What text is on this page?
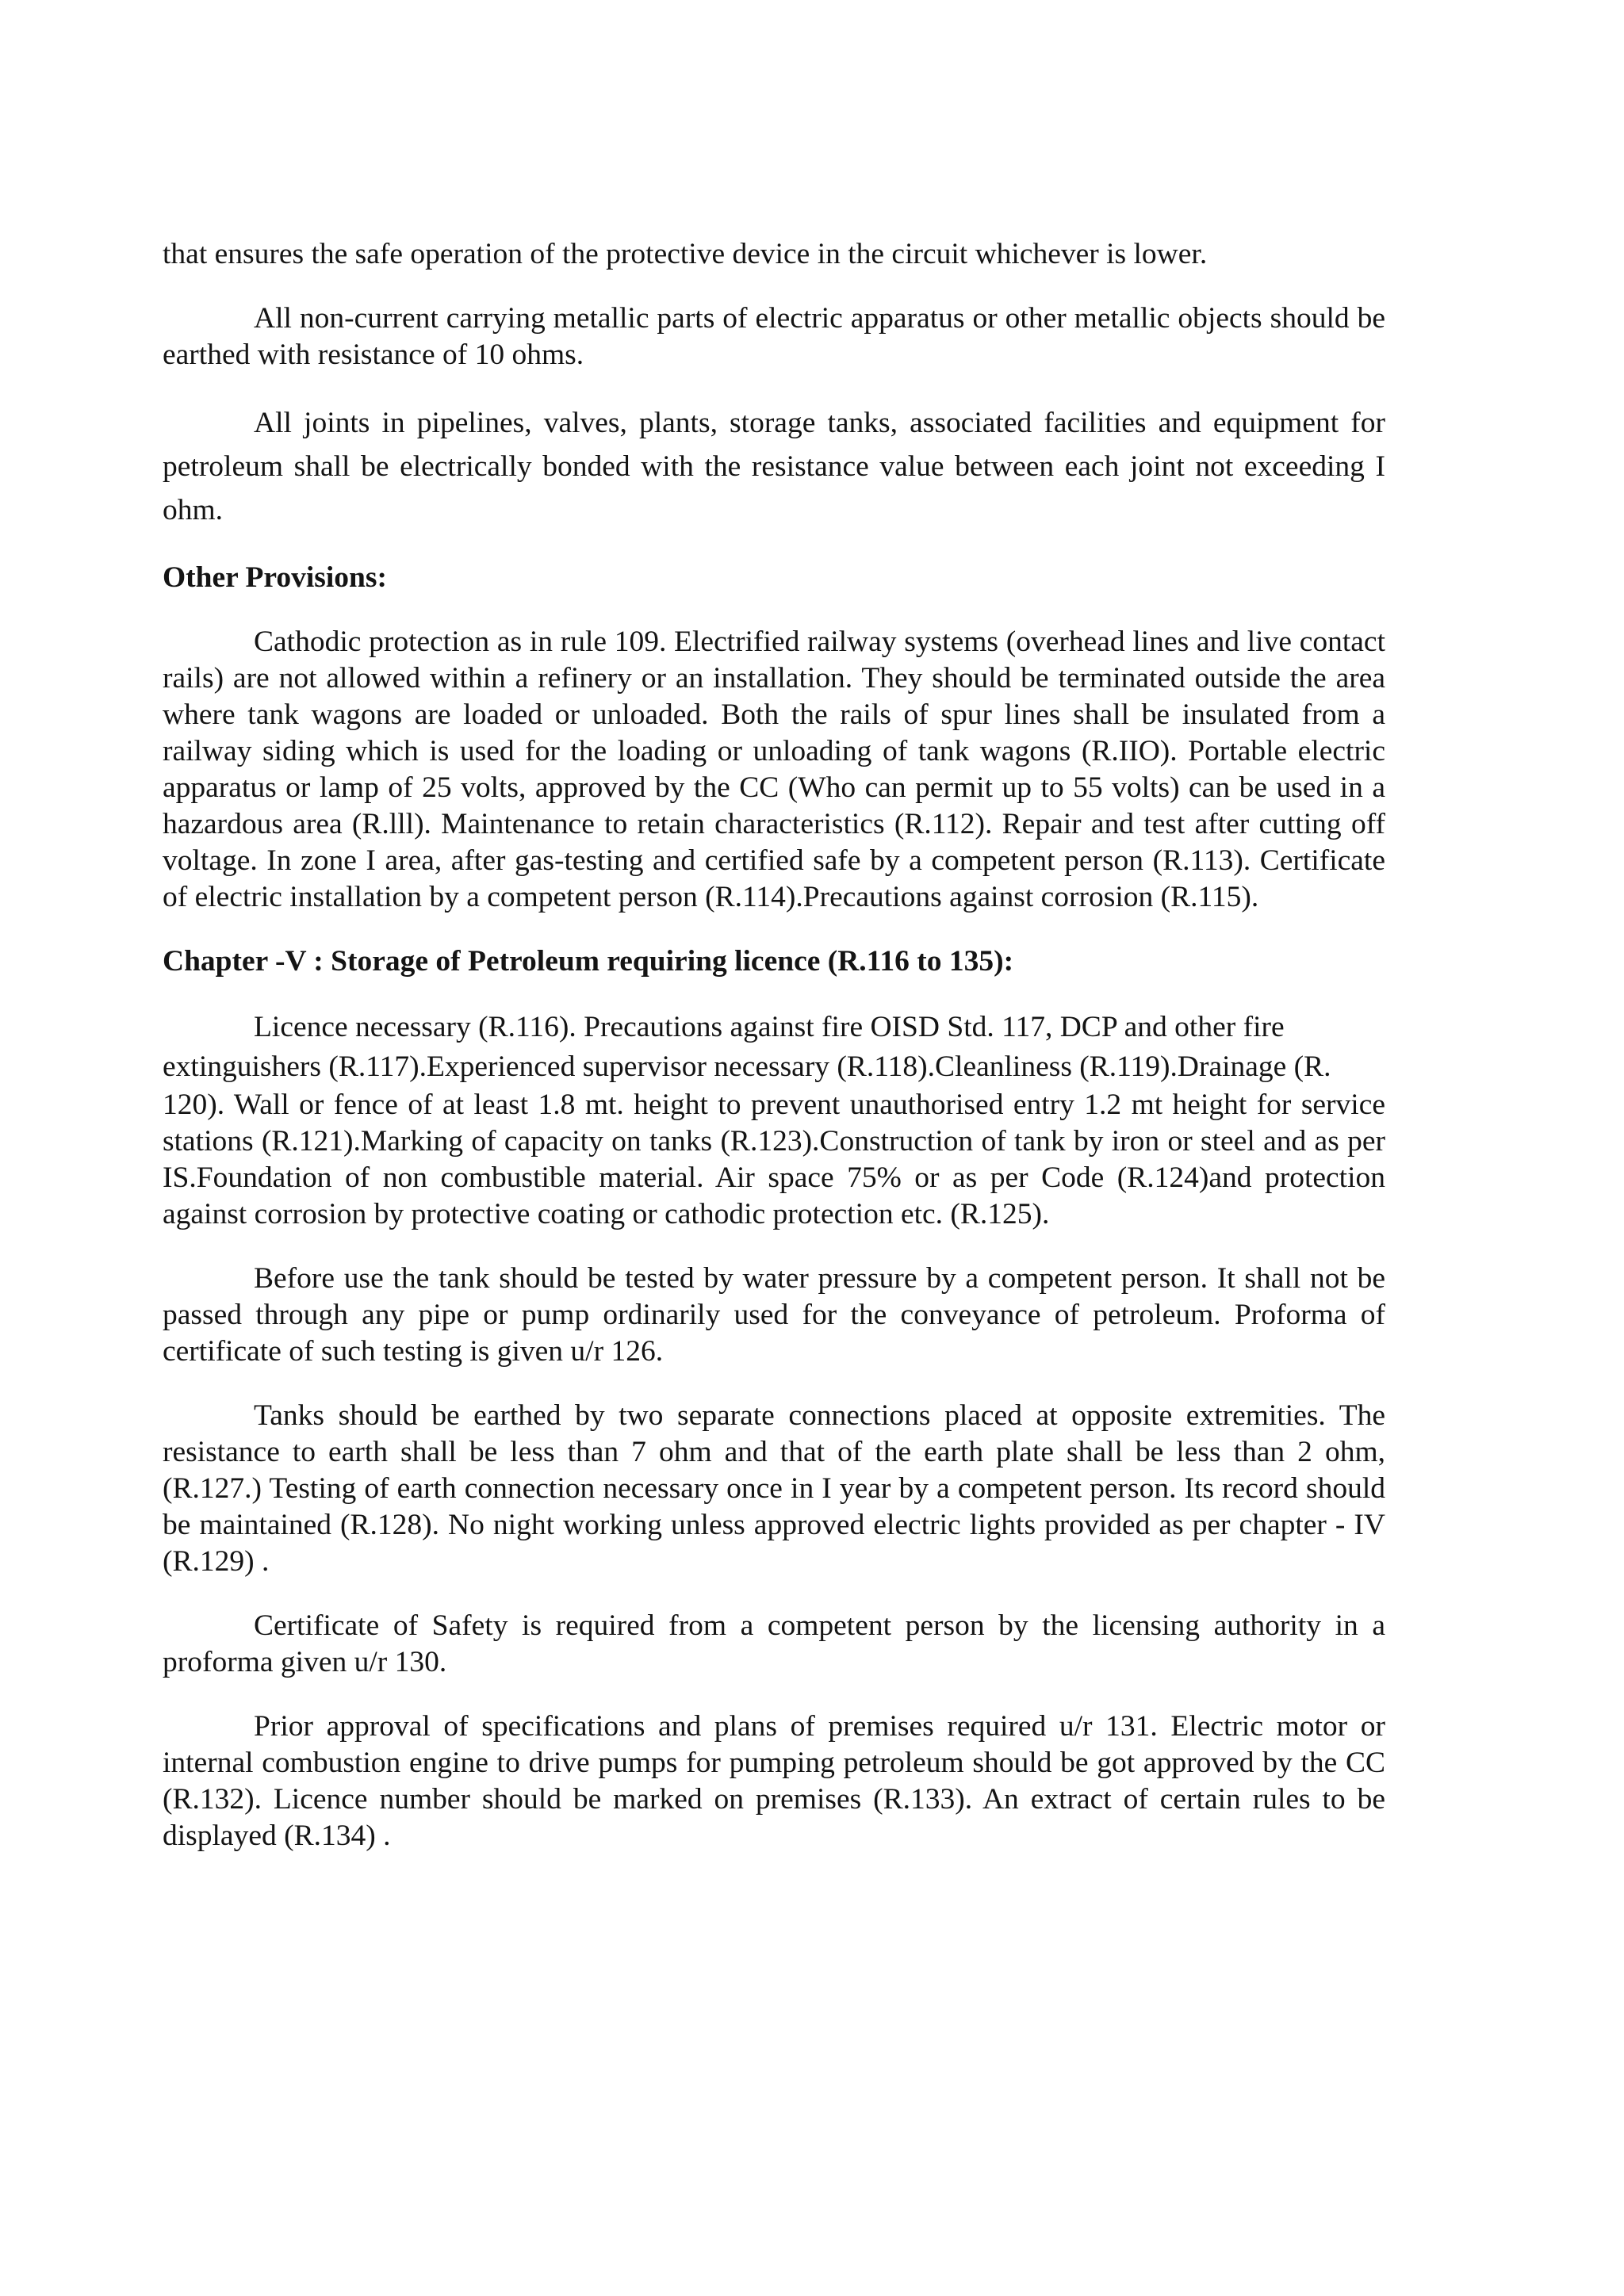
that ensures the safe operation of the protective device in the circuit whichever is lower.

All non-current carrying metallic parts of electric apparatus or other metallic objects should be earthed with resistance of 10 ohms.

All joints in pipelines, valves, plants, storage tanks, associated facilities and equipment for petroleum shall be electrically bonded with the resistance value between each joint not exceeding I ohm.

Other Provisions:

Cathodic protection as in rule 109. Electrified railway systems (overhead lines and live contact rails) are not allowed within a refinery or an installation. They should be terminated outside the area where tank wagons are loaded or unloaded. Both the rails of spur lines shall be insulated from a railway siding which is used for the loading or unloading of tank wagons (R.IIO). Portable electric apparatus or lamp of 25 volts, approved by the CC (Who can permit up to 55 volts) can be used in a hazardous area (R.lll). Maintenance to retain characteristics (R.112). Repair and test after cutting off voltage. In zone I area, after gas-testing and certified safe by a competent person (R.113). Certificate of electric installation by a competent person (R.114).Precautions against corrosion (R.115).

Chapter -V : Storage of Petroleum requiring licence (R.116 to 135):

Licence necessary (R.116). Precautions against fire OISD Std. 117, DCP and other fire extinguishers (R.117).Experienced supervisor necessary (R.118).Cleanliness (R.119).Drainage (R.

120). Wall or fence of at least 1.8 mt. height to prevent unauthorised entry 1.2 mt height for service stations (R.121).Marking of capacity on tanks (R.123).Construction of tank by iron or steel and as per IS.Foundation of non combustible material. Air space 75% or as per Code (R.124)and protection against corrosion by protective coating or cathodic protection etc. (R.125).

Before use the tank should be tested by water pressure by a competent person. It shall not be passed through any pipe or pump ordinarily used for the conveyance of petroleum. Proforma of certificate of such testing is given u/r 126.

Tanks should be earthed by two separate connections placed at opposite extremities. The resistance to earth shall be less than 7 ohm and that of the earth plate shall be less than 2 ohm, (R.127.) Testing of earth connection necessary once in I year by a competent person. Its record should be maintained (R.128). No night working unless approved electric lights provided as per chapter - IV (R.129) .

Certificate of Safety is required from a competent person by the licensing authority in a proforma given u/r 130.

Prior approval of specifications and plans of premises required u/r 131. Electric motor or internal combustion engine to drive pumps for pumping petroleum should be got approved by the CC (R.132). Licence number should be marked on premises (R.133). An extract of certain rules to be displayed (R.134) .
